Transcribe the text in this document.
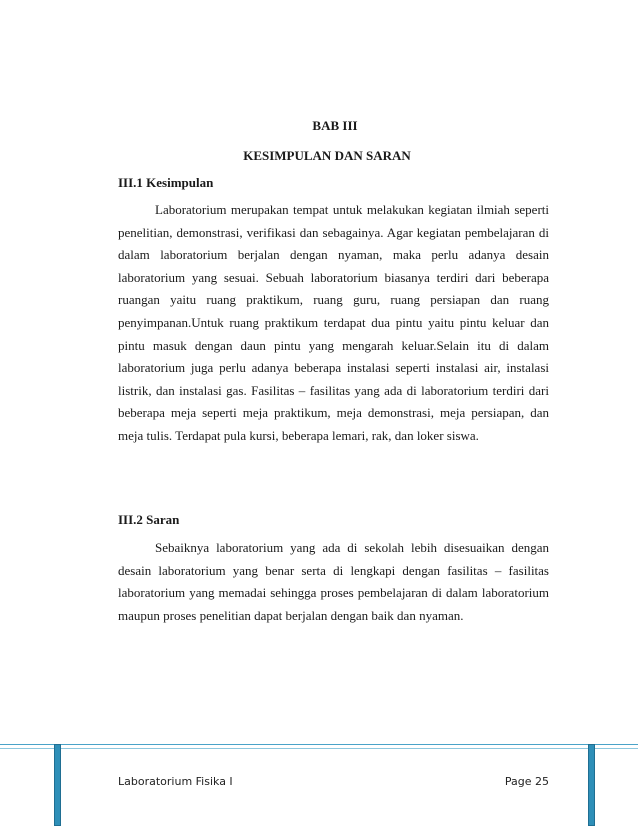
BAB III

KESIMPULAN DAN SARAN

III.1 Kesimpulan

Laboratorium merupakan tempat untuk melakukan kegiatan ilmiah seperti penelitian, demonstrasi, verifikasi dan sebagainya. Agar kegiatan pembelajaran di dalam laboratorium berjalan dengan nyaman, maka perlu adanya desain laboratorium yang sesuai. Sebuah laboratorium biasanya terdiri dari beberapa ruangan yaitu ruang praktikum, ruang guru, ruang persiapan dan ruang penyimpanan.Untuk ruang praktikum terdapat dua pintu yaitu pintu keluar dan pintu masuk dengan daun pintu yang mengarah keluar.Selain itu di dalam laboratorium juga perlu adanya beberapa instalasi seperti instalasi air, instalasi listrik, dan instalasi gas. Fasilitas – fasilitas yang ada di laboratorium terdiri dari beberapa meja seperti meja praktikum, meja demonstrasi, meja persiapan, dan meja tulis. Terdapat pula kursi, beberapa lemari, rak, dan loker siswa.

III.2 Saran

Sebaiknya laboratorium yang ada di sekolah lebih disesuaikan dengan desain laboratorium yang benar serta di lengkapi dengan fasilitas – fasilitas laboratorium yang memadai sehingga proses pembelajaran di dalam laboratorium maupun proses penelitian dapat berjalan dengan baik dan nyaman.

Laboratorium Fisika I	Page 25
